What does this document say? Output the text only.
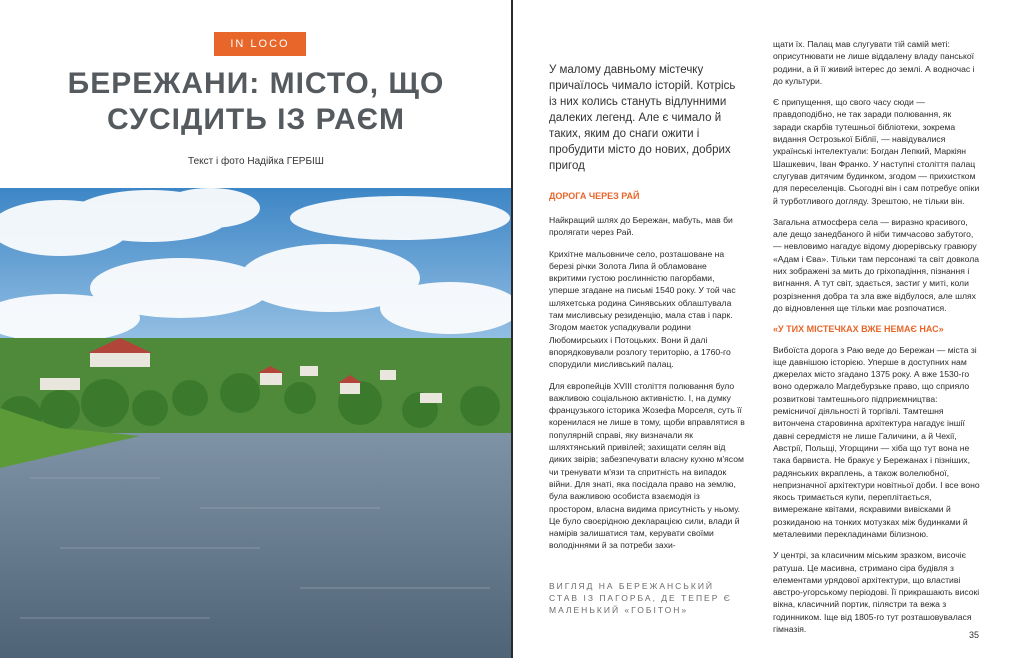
IN LOCO
БЕРЕЖАНИ: МІСТО, ЩО
СУСІДИТЬ ІЗ РАЄМ
Текст і фото Надійка ГЕРБІШ
У малому давньому містечку причаїлось чимало історій. Котрісь із них колись стануть відлунними далеких легенд. Але є чимало й таких, яким до снаги ожити і пробудити місто до нових, добрих пригод
ДОРОГА ЧЕРЕЗ РАЙ

Найкращий шлях до Бережан, мабуть, мав би пролягати через Рай.

Крихітне мальовниче село, розташоване на березі річки Золота Липа й обламоване вкритими густою рослинністю пагорбами, уперше згадане на письмі 1540 року. У той час шляхетська родина Синявських облаштувала там мисливську резиденцію, мала став і парк. Згодом маєток успадкували родини Любомирських і Потоцьких. Вони й далі впорядковували розлогу територію, а 1760-го спорудили мисливський палац.

Для європейців XVIII століття полювання було важливою соціальною активністю. І, на думку французького історика Жозефа Морселя, суть її коренилася не лише в тому, щоби вправлятися в популярній справі, яку визначали як шляхтянський привілей; захищати селян від диких звірів; забезпечувати власну кухню м'ясом чи тренувати м'язи та спритність на випадок війни. Для знаті, яка посідала право на землю, була важливою особиста взаємодія із простором, власна видима присутність у ньому. Це було своєрідною декларацією сили, влади й намірів залишатися там, керувати своїми володіннями й за потреби захи-

щати їх. Палац мав слугувати тій самій меті: оприсутнювати не лише віддалену владу панської родини, а й її живий інтерес до землі. А водночас і до культури.

Є припущення, що свого часу сюди — правдоподібно, не так заради полювання, як заради скарбів тутешньої бібліотеки, зокрема видання Острозької Біблії, — навідувалися українські інтелектуали: Богдан Лепкий, Маркіян Шашкевич, Іван Франко. У наступні століття палац слугував дитячим будинком, згодом — прихистком для переселенців. Сьогодні він і сам потребує опіки й турботливого догляду. Зрештою, не тільки він.

Загальна атмосфера села — виразно красивого, але дещо занедбаного й ніби тимчасово забутого, — невловимо нагадує відому дюрерівську гравюру «Адам і Єва». Тільки там персонажі та світ довкола них зображені за мить до гріхопадіння, пізнання і вигнання. А тут світ, здається, застиг у миті, коли розрізнення добра та зла вже відбулося, але шлях до відновлення ще тільки має розпочатися.

«У ТИХ МІСТЕЧКАХ ВЖЕ НЕМАЄ НАС»

Вибоїста дорога з Раю веде до Бережан — міста зі іще давнішою історією. Уперше в доступних нам джерелах місто згадано 1375 року. А вже 1530-го воно одержало Магдебурзьке право, що сприяло розвиткові тамтешнього підприємництва: ремісничої діяльності й торгівлі. Тамтешня витончена старовинна архітектура нагадує іншії давні середмістя не лише Галичини, а й Чехії, Австрії, Польщі, Угорщини — хіба що тут вона не така барвиста. Не бракує у Бережанах і пізніших, радянських вкраплень, а також волелюбної, непризначної архітектури новітньої доби. І все воно якось тримається купи, переплітається, вимережане квітами, яскравими вивісками й розкиданою на тонких мотузках між будинками й металевими перекладинами білизною.

У центрі, за класичним міським зразком, височіє ратуша. Це масивна, стримано сіра будівля з елементами урядової архітектури, що властиві австро-угорському періодові. Її прикрашають високі вікна, класичний портик, пілястри та вежа з годинником. Іще від 1805-го тут розташовувалася гімназія.

ВИГЛЯД НА БЕРЕЖАНСЬКИЙ СТАВ ІЗ ПАГОРБА, ДЕ ТЕПЕР Є МАЛЕНЬКИЙ «ГОБІТОН»
35
